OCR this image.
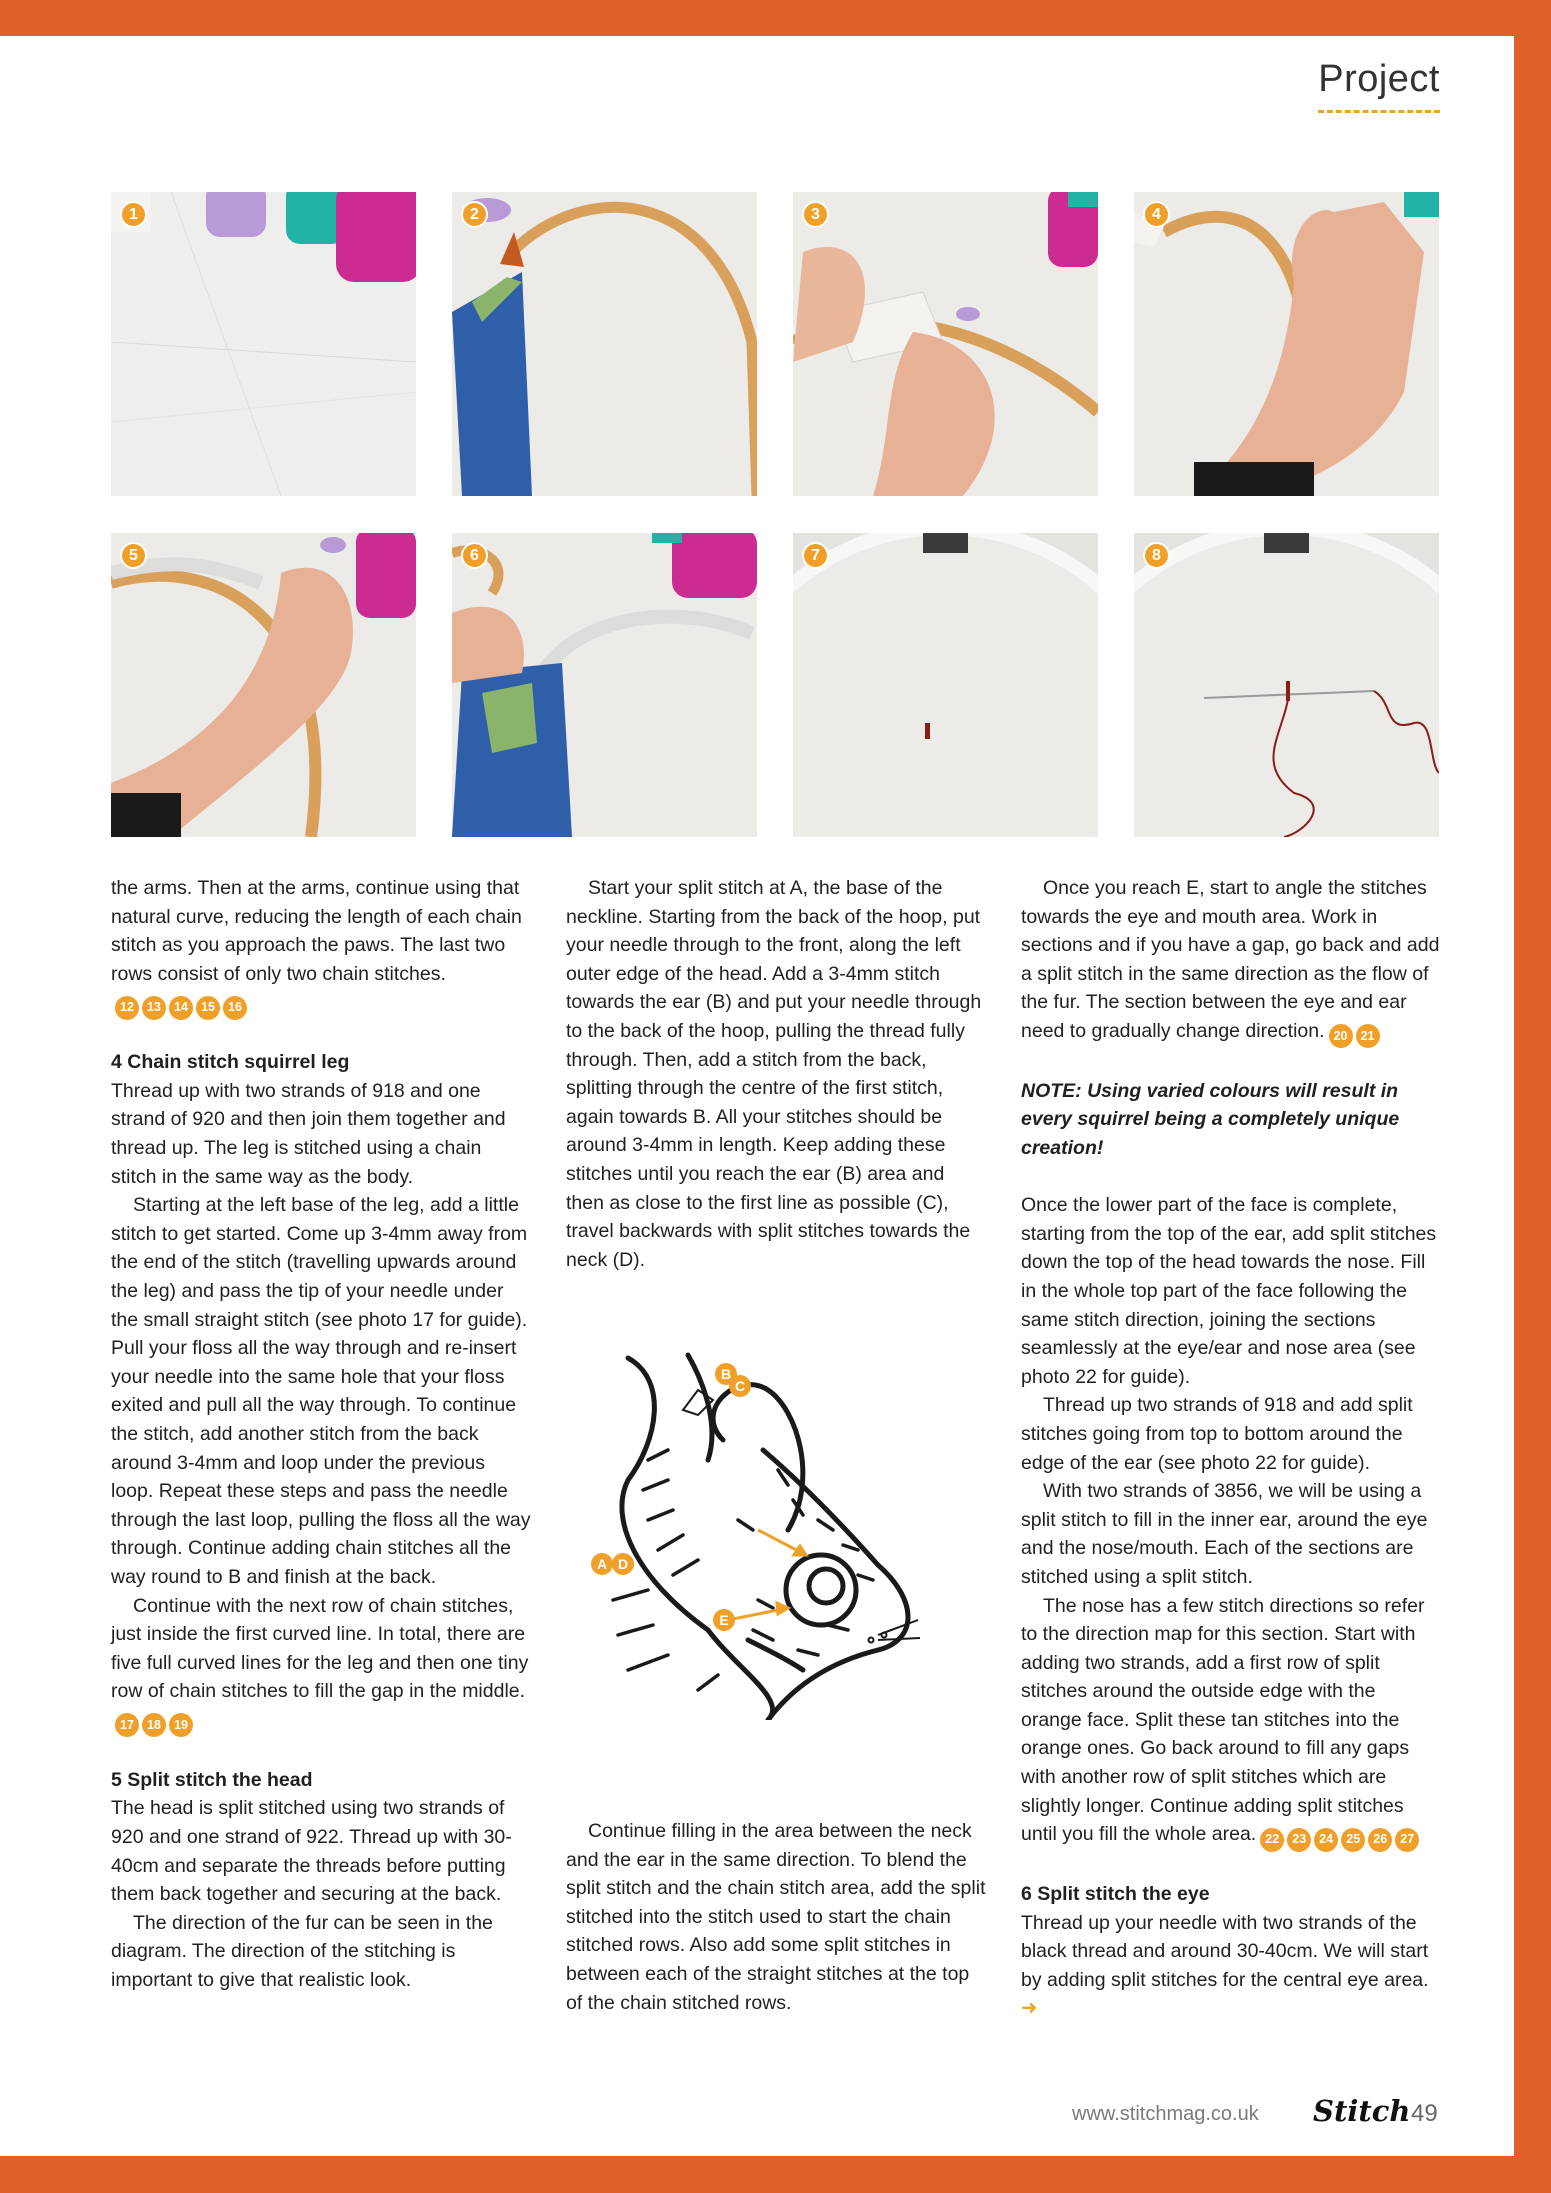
Project
1	2	3	4
5	6	7	8

the arms. Then at the arms, continue using that natural curve, reducing the length of each chain stitch as you approach the paws. The last two rows consist of only two chain stitches.
12	13	14	15	16

4 Chain stitch squirrel leg

Thread up with two strands of 918 and one strand of 920 and then join them together and thread up. The leg is stitched using a chain stitch in the same way as the body.

Starting at the left base of the leg, add a little stitch to get started. Come up 3-4mm away from the end of the stitch (travelling upwards around the leg) and pass the tip of your needle under the small straight stitch (see photo 17 for guide). Pull your floss all the way through and re-insert your needle into the same hole that your floss exited and pull all the way through. To continue the stitch, add another stitch from the back around 3-4mm and loop under the previous loop. Repeat these steps and pass the needle through the last loop, pulling the floss all the way through. Continue adding chain stitches all the way round to B and finish at the back.

Continue with the next row of chain stitches, just inside the first curved line. In total, there are five full curved lines for the leg and then one tiny row of chain stitches to fill the gap in the middle.
17	18	19

5 Split stitch the head

The head is split stitched using two strands of 920 and one strand of 922. Thread up with 30-40cm and separate the threads before putting them back together and securing at the back.

The direction of the fur can be seen in the diagram. The direction of the stitching is important to give that realistic look.

Start your split stitch at A, the base of the neckline. Starting from the back of the hoop, put your needle through to the front, along the left outer edge of the head. Add a 3-4mm stitch towards the ear (B) and put your needle through to the back of the hoop, pulling the thread fully through. Then, add a stitch from the back, splitting through the centre of the first stitch, again towards B. All your stitches should be around 3-4mm in length. Keep adding these stitches until you reach the ear (B) area and then as close to the first line as possible (C), travel backwards with split stitches towards the neck (D).

B
C
A D
E

Continue filling in the area between the neck and the ear in the same direction. To blend the split stitch and the chain stitch area, add the split stitched into the stitch used to start the chain stitched rows. Also add some split stitches in between each of the straight stitches at the top of the chain stitched rows.

Once you reach E, start to angle the stitches towards the eye and mouth area. Work in sections and if you have a gap, go back and add a split stitch in the same direction as the flow of the fur. The section between the eye and ear need to gradually change direction. 20	21

NOTE: Using varied colours will result in every squirrel being a completely unique creation!

Once the lower part of the face is complete, starting from the top of the ear, add split stitches down the top of the head towards the nose. Fill in the whole top part of the face following the same stitch direction, joining the sections seamlessly at the eye/ear and nose area (see photo 22 for guide).

Thread up two strands of 918 and add split stitches going from top to bottom around the edge of the ear (see photo 22 for guide).

With two strands of 3856, we will be using a split stitch to fill in the inner ear, around the eye and the nose/mouth. Each of the sections are stitched using a split stitch.

The nose has a few stitch directions so refer to the direction map for this section. Start with adding two strands, add a first row of split stitches around the outside edge with the orange face. Split these tan stitches into the orange ones. Go back around to fill any gaps with another row of split stitches which are slightly longer. Continue adding split stitches until you fill the whole area. 22	23	24	25	26	27

6 Split stitch the eye

Thread up your needle with two strands of the black thread and around 30-40cm. We will start by adding split stitches for the central eye area. ➜

www.stitchmag.co.uk Stitch 49
